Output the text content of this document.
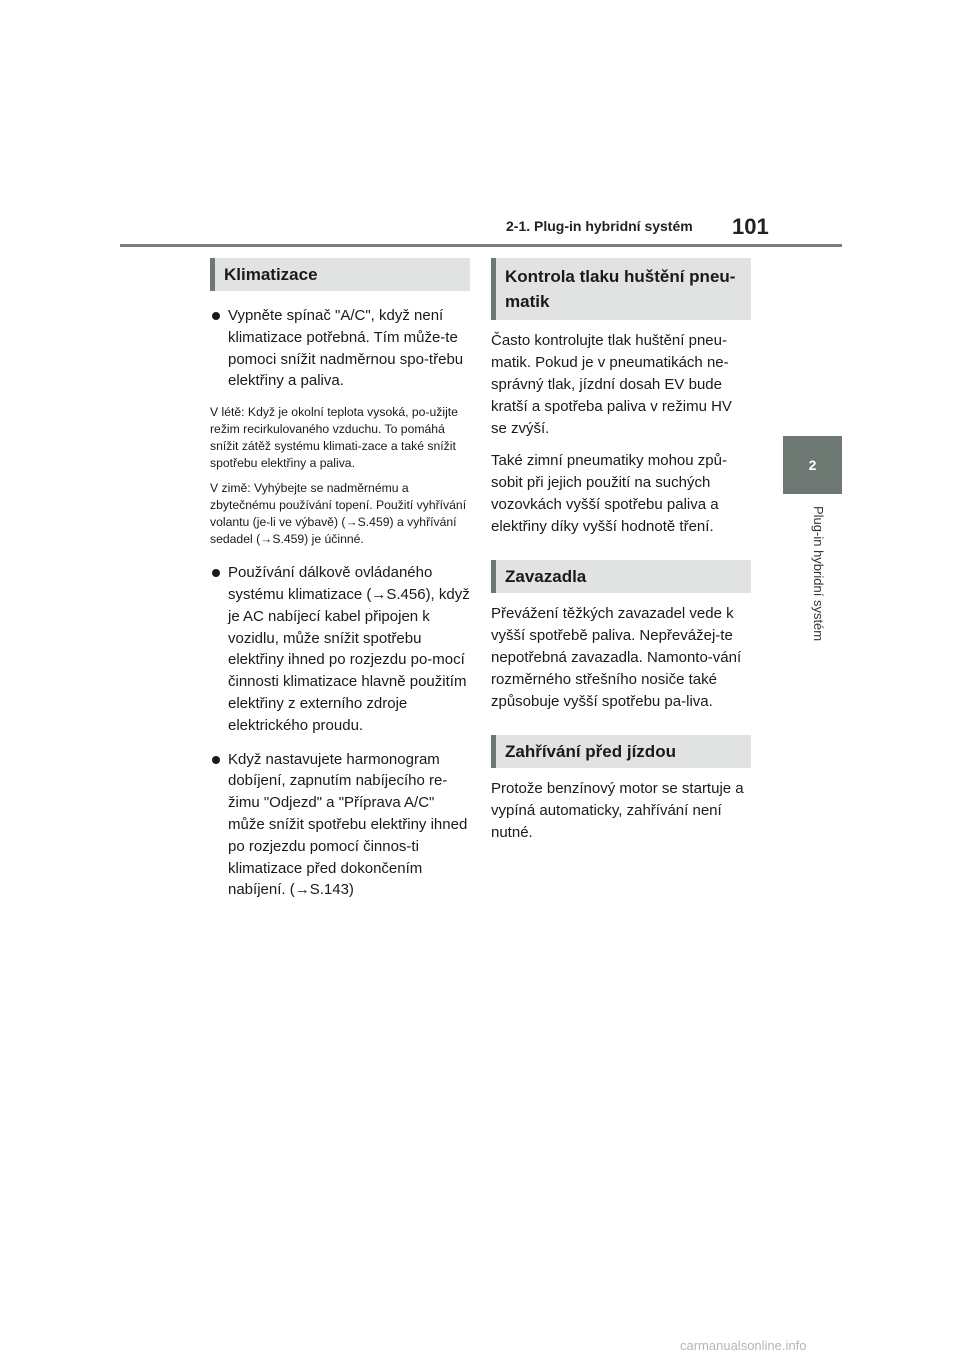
2-1. Plug-in hybridní systém 101
2
Plug-in hybridní systém
Klimatizace
Vypněte spínač "A/C", když není klimatizace potřebná. Tím může-te pomoci snížit nadměrnou spo-třebu elektřiny a paliva.
V létě: Když je okolní teplota vysoká, po-užijte režim recirkulovaného vzduchu. To pomáhá snížit zátěž systému klimati-zace a také snížit spotřebu elektřiny a paliva.
V zimě: Vyhýbejte se nadměrnému a zbytečnému používání topení. Použití vyhřívání volantu (je-li ve výbavě) (→S.459) a vyhřívání sedadel (→S.459) je účinné.
Používání dálkově ovládaného systému klimatizace (→S.456), když je AC nabíjecí kabel připojen k vozidlu, může snížit spotřebu elektřiny ihned po rozjezdu po-mocí činnosti klimatizace hlavně použitím elektřiny z externího zdroje elektrického proudu.
Když nastavujete harmonogram dobíjení, zapnutím nabíjecího re-žimu "Odjezd" a "Příprava A/C" může snížit spotřebu elektřiny ihned po rozjezdu pomocí činnos-ti klimatizace před dokončením nabíjení. (→S.143)
Kontrola tlaku huštění pneu-matik
Často kontrolujte tlak huštění pneu-matik. Pokud je v pneumatikách ne-správný tlak, jízdní dosah EV bude kratší a spotřeba paliva v režimu HV se zvýší.
Také zimní pneumatiky mohou způ-sobit při jejich použití na suchých vozovkách vyšší spotřebu paliva a elektřiny díky vyšší hodnotě tření.
Zavazadla
Převážení těžkých zavazadel vede k vyšší spotřebě paliva. Nepřevážej-te nepotřebná zavazadla. Namonto-vání rozměrného střešního nosiče také způsobuje vyšší spotřebu pa-liva.
Zahřívání před jízdou
Protože benzínový motor se startuje a vypíná automaticky, zahřívání není nutné.
carmanualsonline.info
